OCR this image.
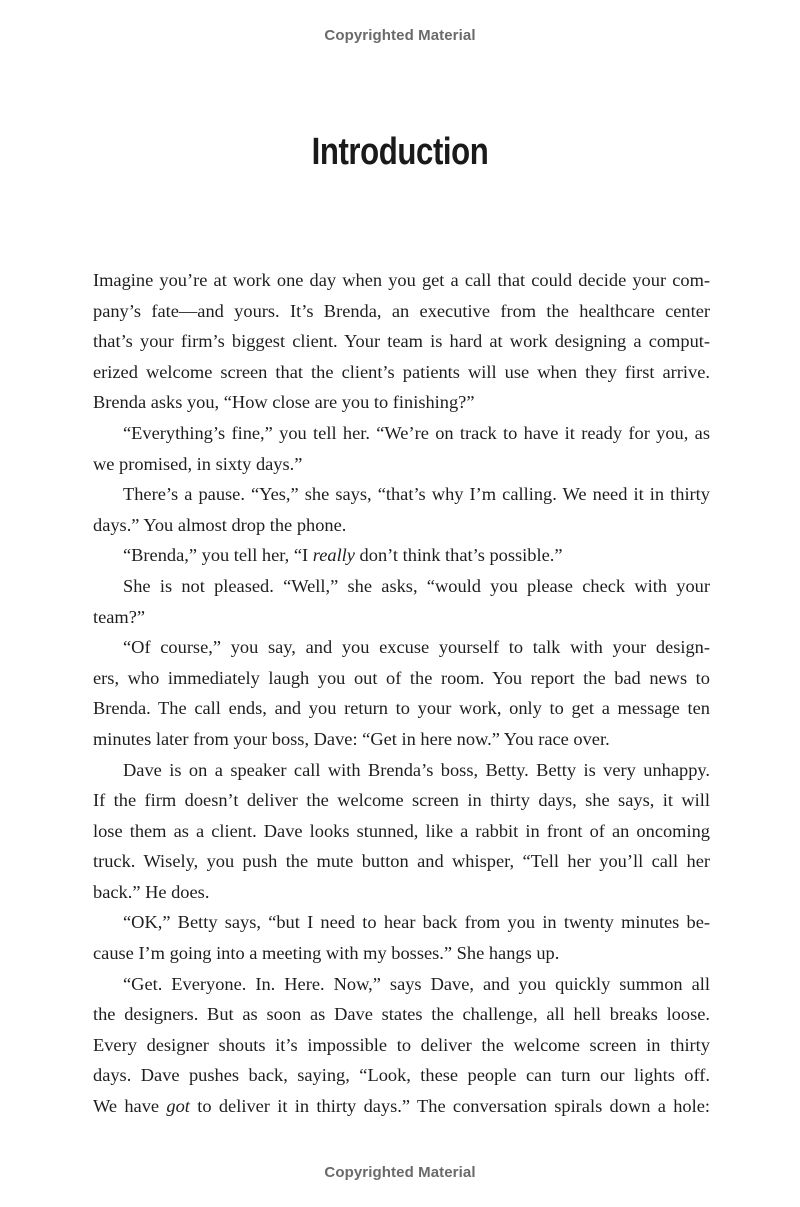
Copyrighted Material
Introduction

Imagine you’re at work one day when you get a call that could decide your com-

pany’s fate—and yours. It’s Brenda, an executive from the healthcare center

that’s your firm’s biggest client. Your team is hard at work designing a comput-

erized welcome screen that the client’s patients will use when they first arrive.

Brenda asks you, “How close are you to finishing?”

“Everything’s fine,” you tell her. “We’re on track to have it ready for you, as

we promised, in sixty days.”

There’s a pause. “Yes,” she says, “that’s why I’m calling. We need it in thirty

days.” You almost drop the phone.

“Brenda,” you tell her, “I really don’t think that’s possible.”

She is not pleased. “Well,” she asks, “would you please check with your

team?”

“Of course,” you say, and you excuse yourself to talk with your design-

ers, who immediately laugh you out of the room. You report the bad news to

Brenda. The call ends, and you return to your work, only to get a message ten

minutes later from your boss, Dave: “Get in here now.” You race over.

Dave is on a speaker call with Brenda’s boss, Betty. Betty is very unhappy.

If the firm doesn’t deliver the welcome screen in thirty days, she says, it will

lose them as a client. Dave looks stunned, like a rabbit in front of an oncoming

truck. Wisely, you push the mute button and whisper, “Tell her you’ll call her

back.” He does.

“OK,” Betty says, “but I need to hear back from you in twenty minutes be-

cause I’m going into a meeting with my bosses.” She hangs up.

“Get. Everyone. In. Here. Now,” says Dave, and you quickly summon all

the designers. But as soon as Dave states the challenge, all hell breaks loose.

Every designer shouts it’s impossible to deliver the welcome screen in thirty

days. Dave pushes back, saying, “Look, these people can turn our lights off.

We have got to deliver it in thirty days.” The conversation spirals down a hole:

Copyrighted Material
